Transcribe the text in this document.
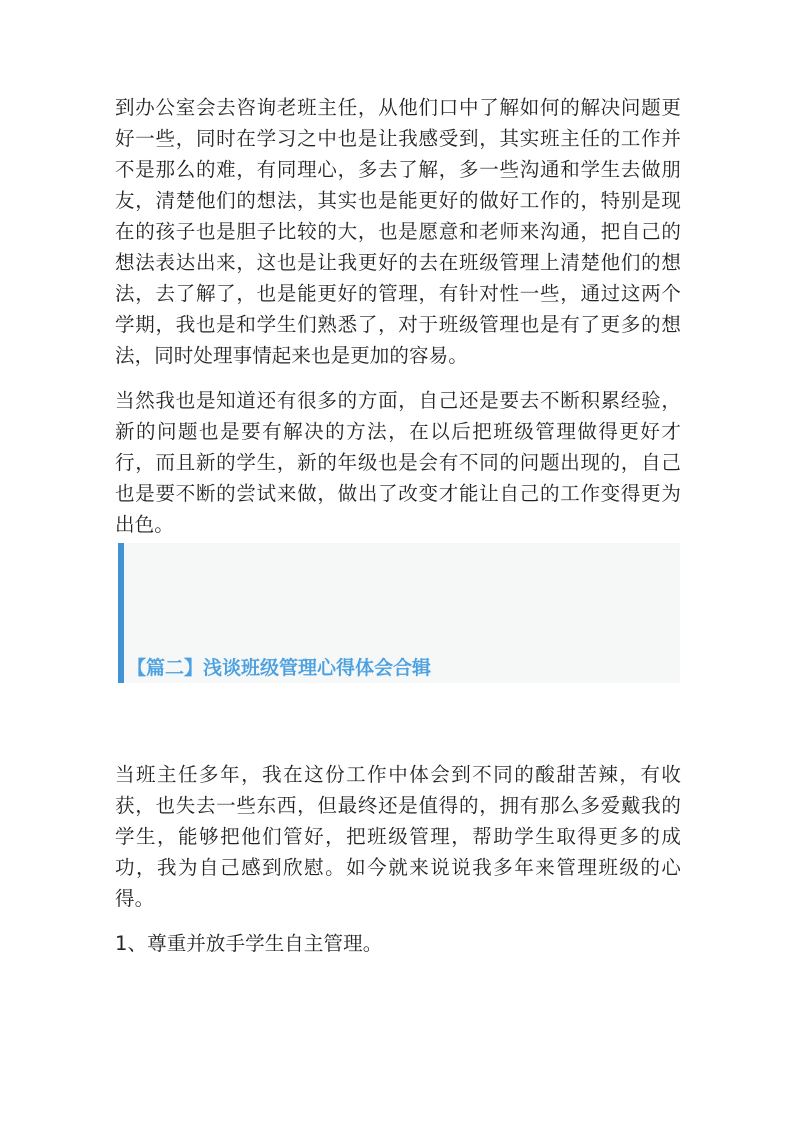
到办公室会去咨询老班主任，从他们口中了解如何的解决问题更好一些，同时在学习之中也是让我感受到，其实班主任的工作并不是那么的难，有同理心，多去了解，多一些沟通和学生去做朋友，清楚他们的想法，其实也是能更好的做好工作的，特别是现在的孩子也是胆子比较的大，也是愿意和老师来沟通，把自己的想法表达出来，这也是让我更好的去在班级管理上清楚他们的想法，去了解了，也是能更好的管理，有针对性一些，通过这两个学期，我也是和学生们熟悉了，对于班级管理也是有了更多的想法，同时处理事情起来也是更加的容易。

当然我也是知道还有很多的方面，自己还是要去不断积累经验，新的问题也是要有解决的方法，在以后把班级管理做得更好才行，而且新的学生，新的年级也是会有不同的问题出现的，自己也是要不断的尝试来做，做出了改变才能让自己的工作变得更为出色。

【篇二】浅谈班级管理心得体会合辑

当班主任多年，我在这份工作中体会到不同的酸甜苦辣，有收获，也失去一些东西，但最终还是值得的，拥有那么多爱戴我的学生，能够把他们管好，把班级管理，帮助学生取得更多的成功，我为自己感到欣慰。如今就来说说我多年来管理班级的心得。

1、尊重并放手学生自主管理。
